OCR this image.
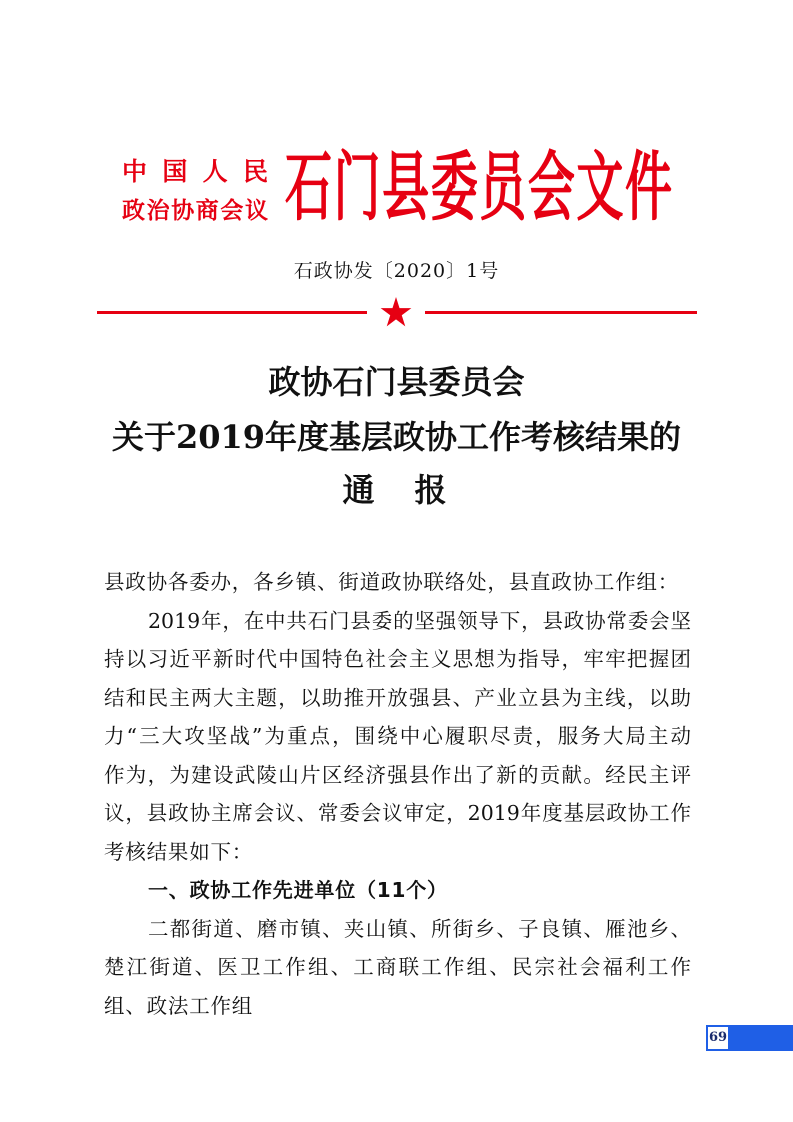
中国人民
政治协商会议 石门县委员会文件
石政协发〔2020〕1号
政协石门县委员会
关于2019年度基层政协工作考核结果的
通　报
县政协各委办，各乡镇、街道政协联络处，县直政协工作组：
2019年，在中共石门县委的坚强领导下，县政协常委会坚
持以习近平新时代中国特色社会主义思想为指导，牢牢把握团
结和民主两大主题，以助推开放强县、产业立县为主线，以助
力“三大攻坚战”为重点，围绕中心履职尽责，服务大局主动
作为，为建设武陵山片区经济强县作出了新的贡献。经民主评
议，县政协主席会议、常委会议审定，2019年度基层政协工作
考核结果如下：
一、政协工作先进单位（11个）
二都街道、磨市镇、夹山镇、所街乡、子良镇、雁池乡、
楚江街道、医卫工作组、工商联工作组、民宗社会福利工作
组、政法工作组
69
